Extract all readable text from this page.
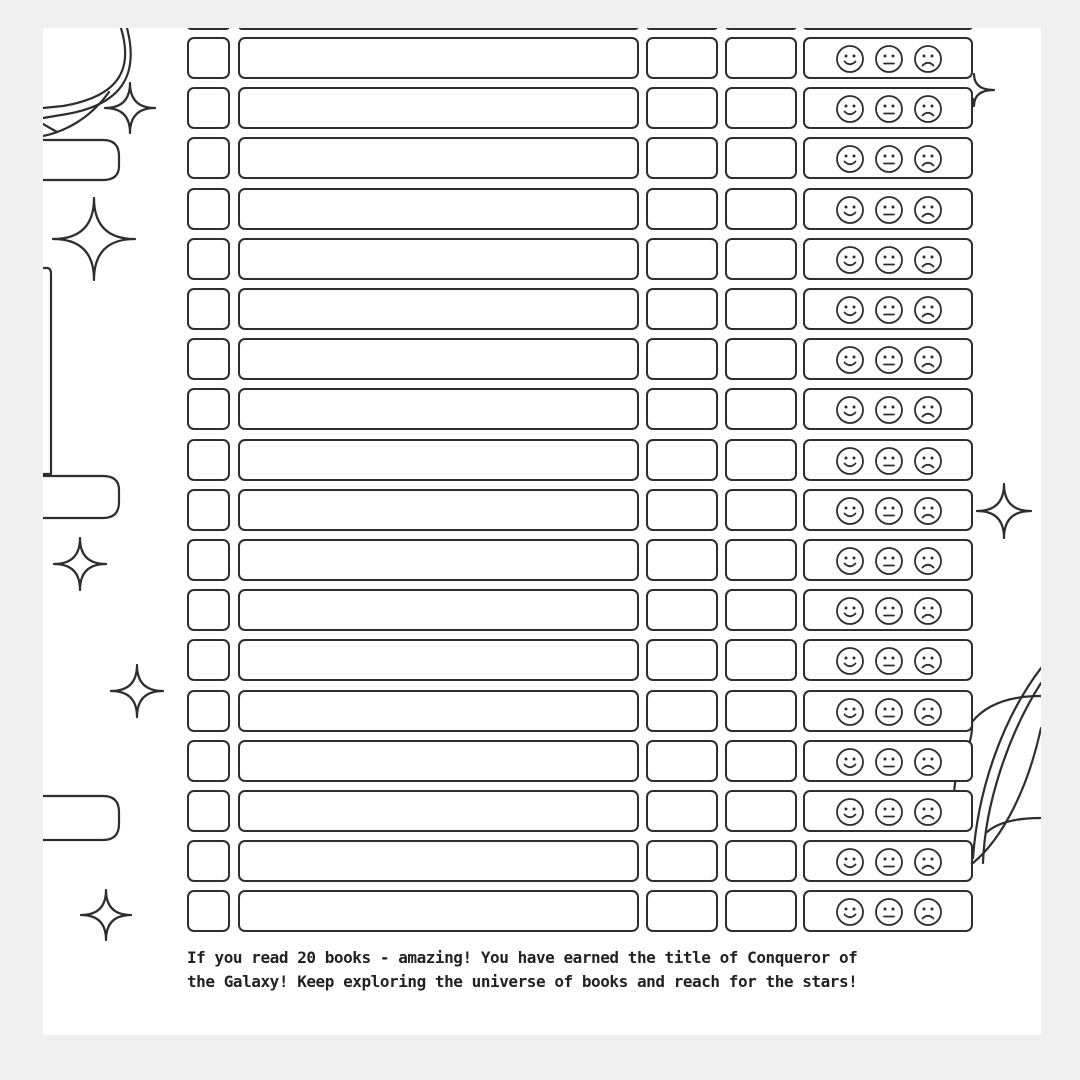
If you read 20 books - amazing! You have earned the title of Conqueror of
the Galaxy! Keep exploring the universe of books and reach for the stars!
